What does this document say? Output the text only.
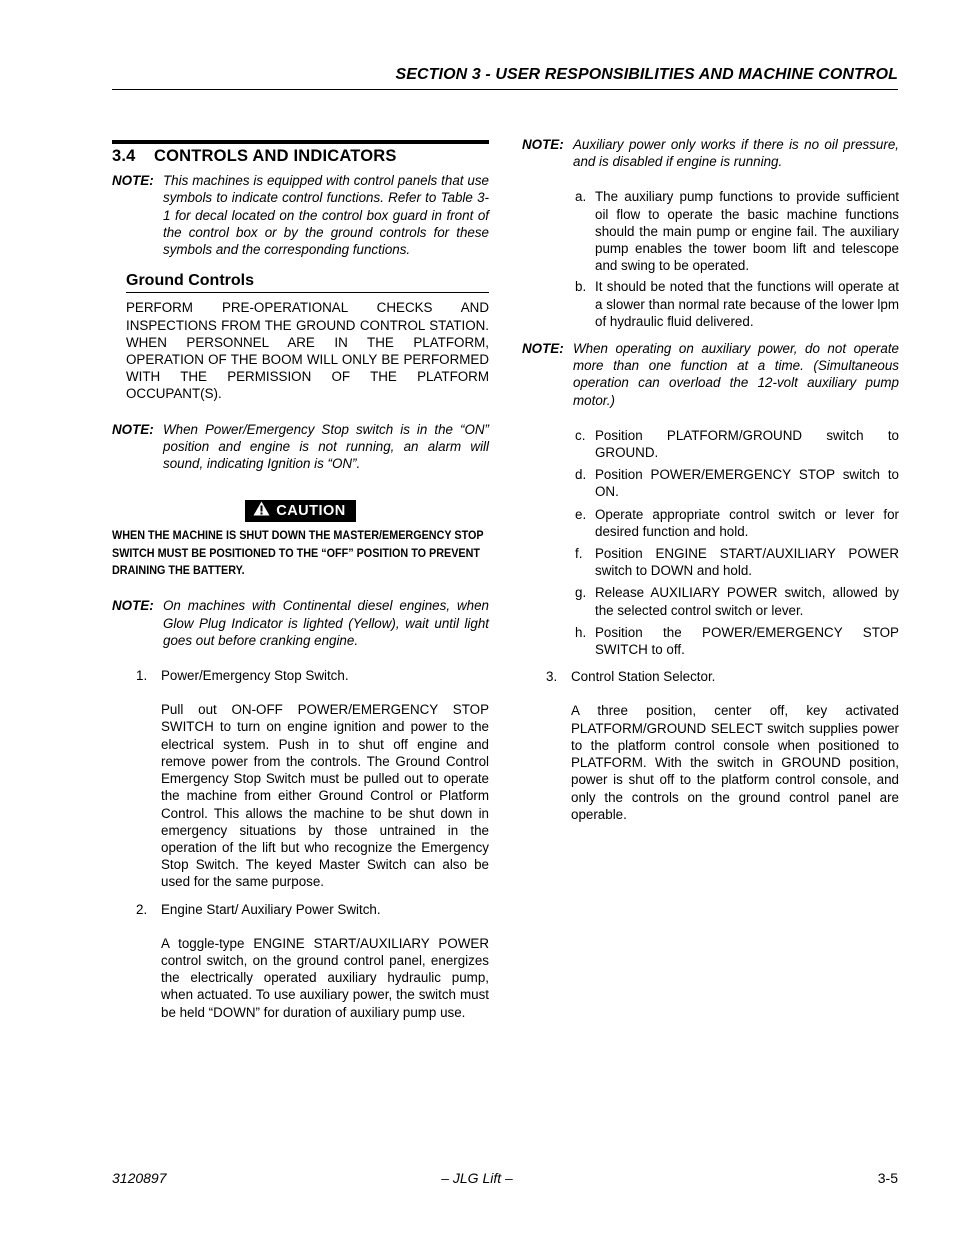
SECTION 3 - USER RESPONSIBILITIES AND MACHINE CONTROL
3.4 CONTROLS AND INDICATORS
NOTE: This machines is equipped with control panels that use symbols to indicate control functions. Refer to Table 3-1 for decal located on the control box guard in front of the control box or by the ground controls for these symbols and the corresponding functions.
Ground Controls
PERFORM PRE-OPERATIONAL CHECKS AND INSPECTIONS FROM THE GROUND CONTROL STATION. WHEN PERSONNEL ARE IN THE PLATFORM, OPERATION OF THE BOOM WILL ONLY BE PERFORMED WITH THE PERMISSION OF THE PLATFORM OCCUPANT(S).
NOTE: When Power/Emergency Stop switch is in the “ON” position and engine is not running, an alarm will sound, indicating Ignition is “ON”.
CAUTION
WHEN THE MACHINE IS SHUT DOWN THE MASTER/EMERGENCY STOP SWITCH MUST BE POSITIONED TO THE “OFF” POSITION TO PREVENT DRAINING THE BATTERY.
NOTE: On machines with Continental diesel engines, when Glow Plug Indicator is lighted (Yellow), wait until light goes out before cranking engine.
1.	Power/Emergency Stop Switch.
Pull out ON-OFF POWER/EMERGENCY STOP SWITCH to turn on engine ignition and power to the electrical system. Push in to shut off engine and remove power from the controls. The Ground Control Emergency Stop Switch must be pulled out to operate the machine from either Ground Control or Platform Control. This allows the machine to be shut down in emergency situations by those untrained in the operation of the lift but who recognize the Emergency Stop Switch. The keyed Master Switch can also be used for the same purpose.
2.	Engine Start/ Auxiliary Power Switch.
A toggle-type ENGINE START/AUXILIARY POWER control switch, on the ground control panel, energizes the electrically operated auxiliary hydraulic pump, when actuated. To use auxiliary power, the switch must be held “DOWN” for duration of auxiliary pump use.
NOTE: Auxiliary power only works if there is no oil pressure, and is disabled if engine is running.
a. The auxiliary pump functions to provide sufficient oil flow to operate the basic machine functions should the main pump or engine fail. The auxiliary pump enables the tower boom lift and telescope and swing to be operated.
b. It should be noted that the functions will operate at a slower than normal rate because of the lower lpm of hydraulic fluid delivered.
NOTE: When operating on auxiliary power, do not operate more than one function at a time. (Simultaneous operation can overload the 12-volt auxiliary pump motor.)
c. Position PLATFORM/GROUND switch to GROUND.
d. Position POWER/EMERGENCY STOP switch to ON.
e. Operate appropriate control switch or lever for desired function and hold.
f. Position ENGINE START/AUXILIARY POWER switch to DOWN and hold.
g. Release AUXILIARY POWER switch, allowed by the selected control switch or lever.
h. Position the POWER/EMERGENCY STOP SWITCH to off.
3.	Control Station Selector.
A three position, center off, key activated PLATFORM/GROUND SELECT switch supplies power to the platform control console when positioned to PLATFORM. With the switch in GROUND position, power is shut off to the platform control console, and only the controls on the ground control panel are operable.
3120897	– JLG Lift –	3-5
